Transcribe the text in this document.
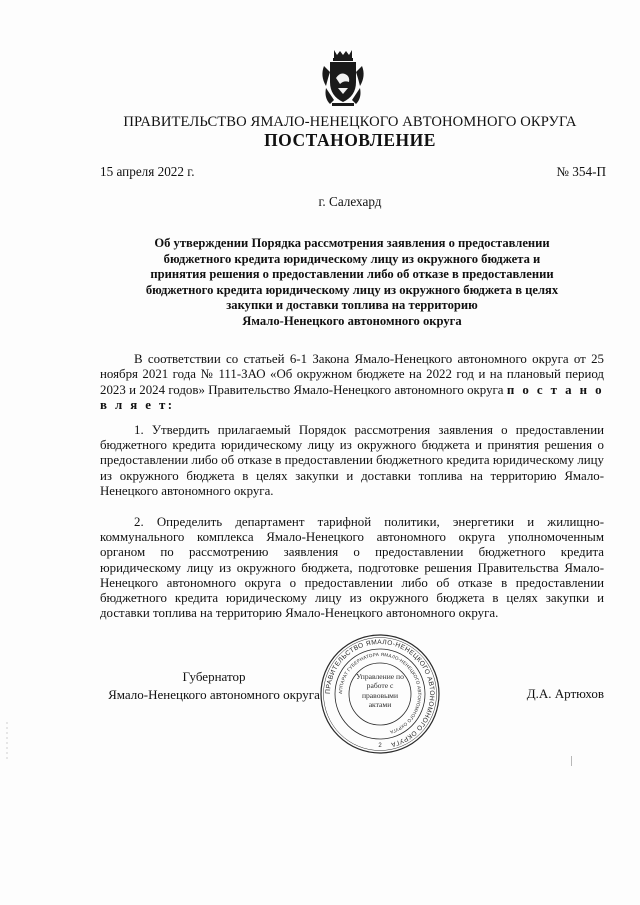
ПРАВИТЕЛЬСТВО ЯМАЛО-НЕНЕЦКОГО АВТОНОМНОГО ОКРУГА
ПОСТАНОВЛЕНИЕ
15 апреля 2022 г.	№ 354-П
г. Салехард
Об утверждении Порядка рассмотрения заявления о предоставлении
бюджетного кредита юридическому лицу из окружного бюджета и
принятия решения о предоставлении либо об отказе в предоставлении
бюджетного кредита юридическому лицу из окружного бюджета в целях
закупки и доставки топлива на территорию
Ямало-Ненецкого автономного округа

В соответствии со статьей 6-1 Закона Ямало-Ненецкого автономного округа от 25 ноября 2021 года № 111-ЗАО «Об окружном бюджете на 2022 год и на плановый период 2023 и 2024 годов» Правительство Ямало-Ненецкого автономного округа п о с т а н о в л я е т:

1. Утвердить прилагаемый Порядок рассмотрения заявления о предоставлении бюджетного кредита юридическому лицу из окружного бюджета и принятия решения о предоставлении либо об отказе в предоставлении бюджетного кредита юридическому лицу из окружного бюджета в целях закупки и доставки топлива на территорию Ямало-Ненецкого автономного округа.

2. Определить департамент тарифной политики, энергетики и жилищно-коммунального комплекса Ямало-Ненецкого автономного округа уполномоченным органом по рассмотрению заявления о предоставлении бюджетного кредита юридическому лицу из окружного бюджета, подготовке решения Правительства Ямало-Ненецкого автономного округа о предоставлении либо об отказе в предоставлении бюджетного кредита юридическому лицу из окружного бюджета в целях закупки и доставки топлива на территорию Ямало-Ненецкого автономного округа.

Губернатор
Ямало-Ненецкого автономного округа ПРАВИТЕЛЬСТВО ЯМАЛО-НЕНЕЦКОГО АВТОНОМНОГО ОКРУГА
АППАРАТ ГУБЕРНАТОРА ЯМАЛО-НЕНЕЦКОГО АВТОНОМНОГО ОКРУГА
Управление по работе с правовыми актами
2
Д.А. Артюхов
